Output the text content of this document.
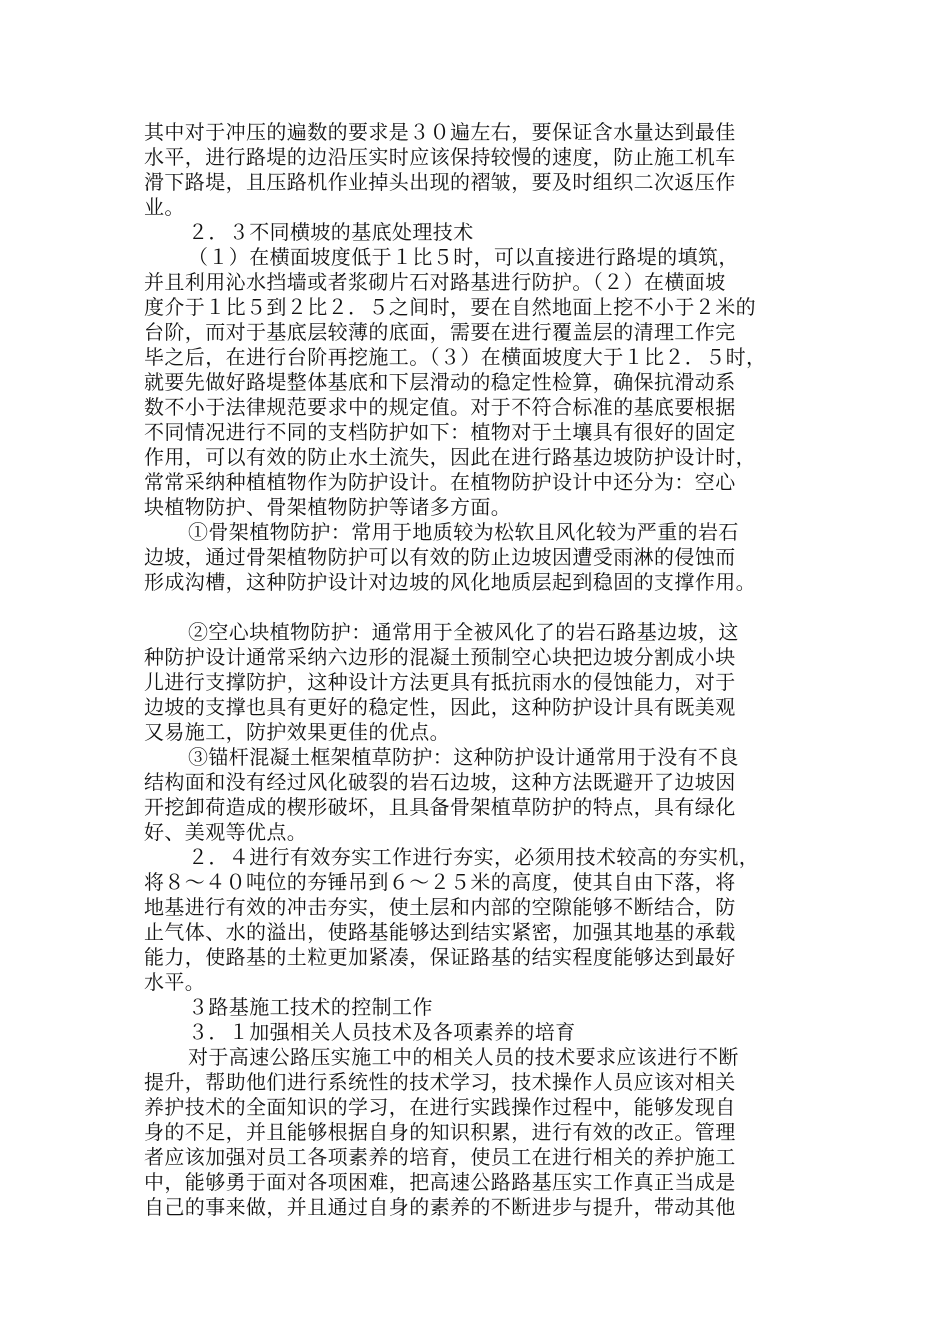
其中对于冲压的遍数的要求是３０遍左右，要保证含水量达到最佳
水平，进行路堤的边沿压实时应该保持较慢的速度，防止施工机车
滑下路堤，且压路机作业掉头出现的褶皱，要及时组织二次返压作
业。
２．３不同横坡的基底处理技术
（１）在横面坡度低于１比５时，可以直接进行路堤的填筑，
并且利用沁水挡墙或者浆砌片石对路基进行防护。（２）在横面坡
度介于１比５到２比２．５之间时，要在自然地面上挖不小于２米的
台阶，而对于基底层较薄的底面，需要在进行覆盖层的清理工作完
毕之后，在进行台阶再挖施工。（３）在横面坡度大于１比２．５时，
就要先做好路堤整体基底和下层滑动的稳定性检算，确保抗滑动系
数不小于法律规范要求中的规定值。对于不符合标准的基底要根据
不同情况进行不同的支档防护如下：植物对于土壤具有很好的固定
作用，可以有效的防止水土流失，因此在进行路基边坡防护设计时，
常常采纳种植植物作为防护设计。在植物防护设计中还分为：空心
块植物防护、骨架植物防护等诸多方面。
①骨架植物防护：常用于地质较为松软且风化较为严重的岩石
边坡，通过骨架植物防护可以有效的防止边坡因遭受雨淋的侵蚀而
形成沟槽，这种防护设计对边坡的风化地质层起到稳固的支撑作用。
②空心块植物防护：通常用于全被风化了的岩石路基边坡，这
种防护设计通常采纳六边形的混凝土预制空心块把边坡分割成小块
儿进行支撑防护，这种设计方法更具有抵抗雨水的侵蚀能力，对于
边坡的支撑也具有更好的稳定性，因此，这种防护设计具有既美观
又易施工，防护效果更佳的优点。
③锚杆混凝土框架植草防护：这种防护设计通常用于没有不良
结构面和没有经过风化破裂的岩石边坡，这种方法既避开了边坡因
开挖卸荷造成的楔形破坏，且具备骨架植草防护的特点，具有绿化
好、美观等优点。
２．４进行有效夯实工作进行夯实，必须用技术较高的夯实机，
将８～４０吨位的夯锤吊到６～２５米的高度，使其自由下落，将
地基进行有效的冲击夯实，使土层和内部的空隙能够不断结合，防
止气体、水的溢出，使路基能够达到结实紧密，加强其地基的承载
能力，使路基的土粒更加紧凑，保证路基的结实程度能够达到最好
水平。
３路基施工技术的控制工作
３．１加强相关人员技术及各项素养的培育
对于高速公路压实施工中的相关人员的技术要求应该进行不断
提升，帮助他们进行系统性的技术学习，技术操作人员应该对相关
养护技术的全面知识的学习，在进行实践操作过程中，能够发现自
身的不足，并且能够根据自身的知识积累，进行有效的改正。管理
者应该加强对员工各项素养的培育，使员工在进行相关的养护施工
中，能够勇于面对各项困难，把高速公路路基压实工作真正当成是
自己的事来做，并且通过自身的素养的不断进步与提升，带动其他
